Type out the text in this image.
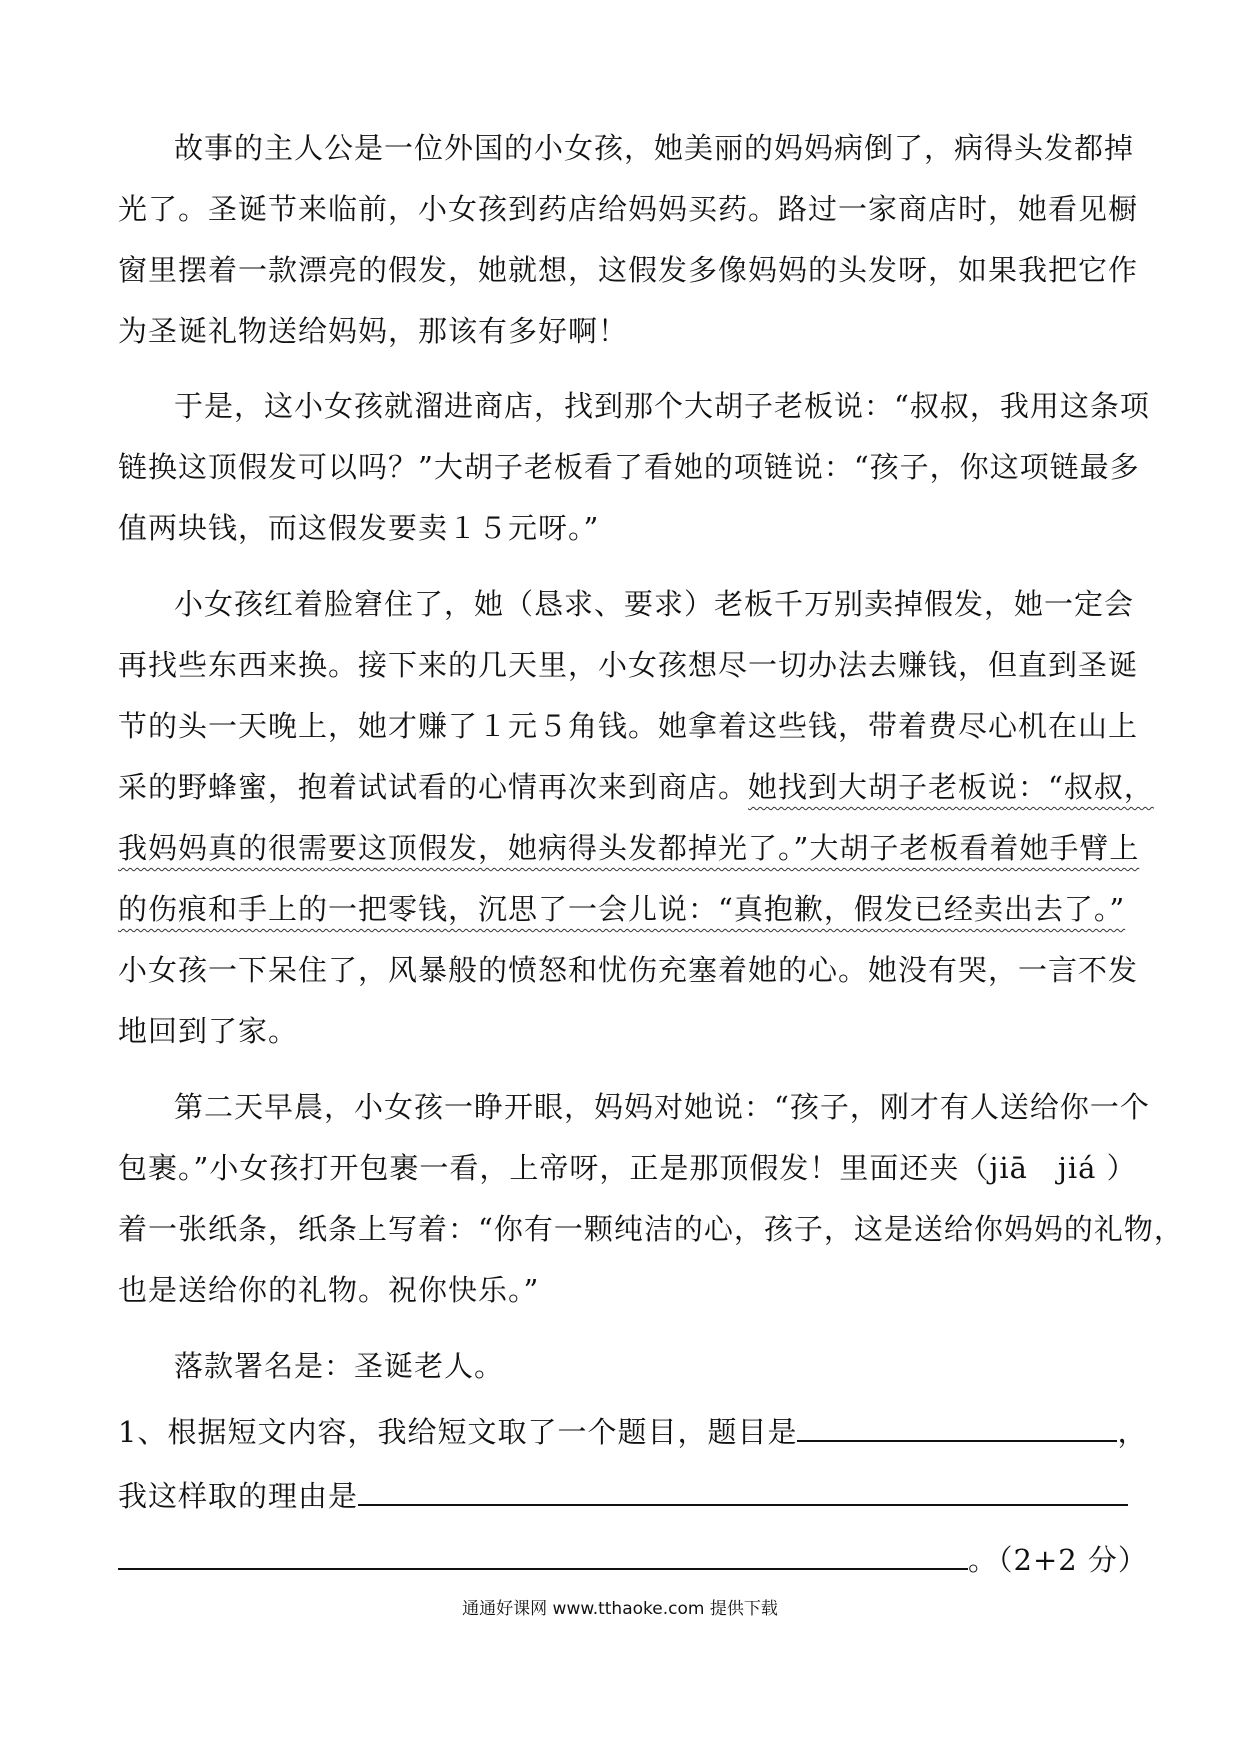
故事的主人公是一位外国的小女孩，她美丽的妈妈病倒了，病得头发都掉
光了。圣诞节来临前，小女孩到药店给妈妈买药。路过一家商店时，她看见橱
窗里摆着一款漂亮的假发，她就想，这假发多像妈妈的头发呀，如果我把它作
为圣诞礼物送给妈妈，那该有多好啊！
于是，这小女孩就溜进商店，找到那个大胡子老板说：“叔叔，我用这条项
链换这顶假发可以吗？”大胡子老板看了看她的项链说：“孩子，你这项链最多
值两块钱，而这假发要卖１５元呀。”
小女孩红着脸窘住了，她（恳求、要求）老板千万别卖掉假发，她一定会
再找些东西来换。接下来的几天里，小女孩想尽一切办法去赚钱，但直到圣诞
节的头一天晚上，她才赚了１元５角钱。她拿着这些钱，带着费尽心机在山上
采的野蜂蜜，抱着试试看的心情再次来到商店。她找到大胡子老板说：“叔叔，
我妈妈真的很需要这顶假发，她病得头发都掉光了。”大胡子老板看着她手臂上
的伤痕和手上的一把零钱，沉思了一会儿说：“真抱歉，假发已经卖出去了。”
小女孩一下呆住了，风暴般的愤怒和忧伤充塞着她的心。她没有哭，一言不发
地回到了家。
第二天早晨，小女孩一睁开眼，妈妈对她说：“孩子，刚才有人送给你一个
包裹。”小女孩打开包裹一看，上帝呀，正是那顶假发！里面还夹（jiā　jiá ）
着一张纸条，纸条上写着：“你有一颗纯洁的心，孩子，这是送给你妈妈的礼物，
也是送给你的礼物。祝你快乐。”
落款署名是：圣诞老人。
1、根据短文内容，我给短文取了一个题目，题目是	，
我这样取的理由是
。（2+2 分）
通通好课网 www.tthaoke.com 提供下载
